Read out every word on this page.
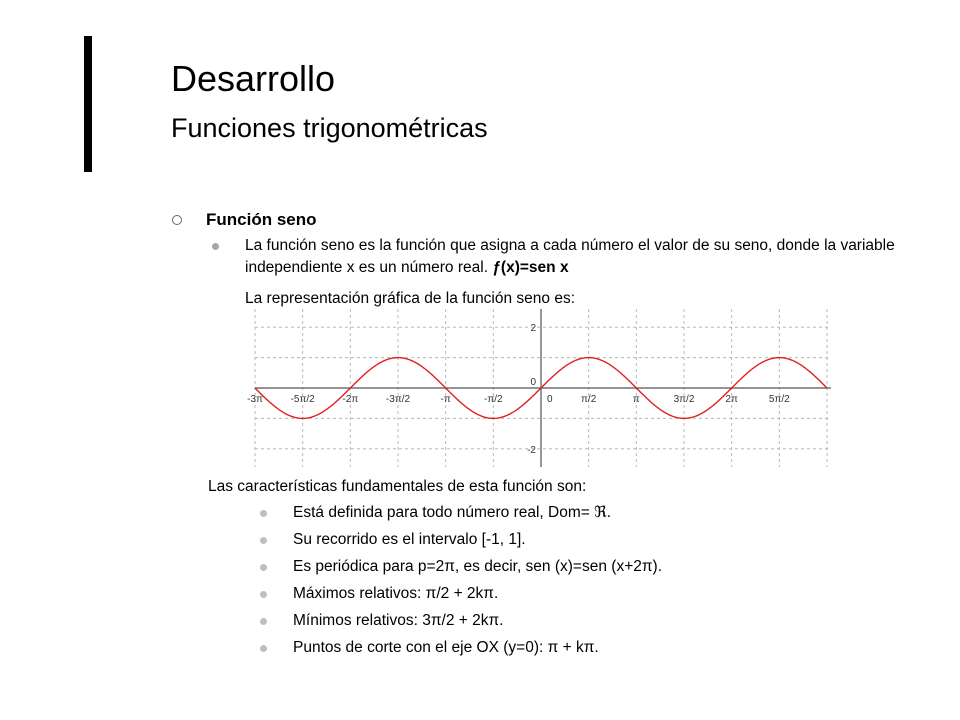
Desarrollo
Funciones trigonométricas
Función seno
La función seno es la función que asigna a cada número el valor de su seno, donde la variable independiente x es un número real. ƒ(x)=sen x
La representación gráfica de la función seno es:
-3π	-5π/2	-2π	-3π/2	-π	-π/2	0	π/2	π	3π/2	2π	5π/2
2
-2
0
Las características fundamentales de esta función son:
Está definida para todo número real, Dom= ℜ.
Su recorrido es el intervalo [-1, 1].
Es periódica para p=2π, es decir, sen (x)=sen (x+2π).
Máximos relativos: π/2 + 2kπ.
Mínimos relativos: 3π/2 + 2kπ.
Puntos de corte con el eje OX (y=0): π + kπ.
